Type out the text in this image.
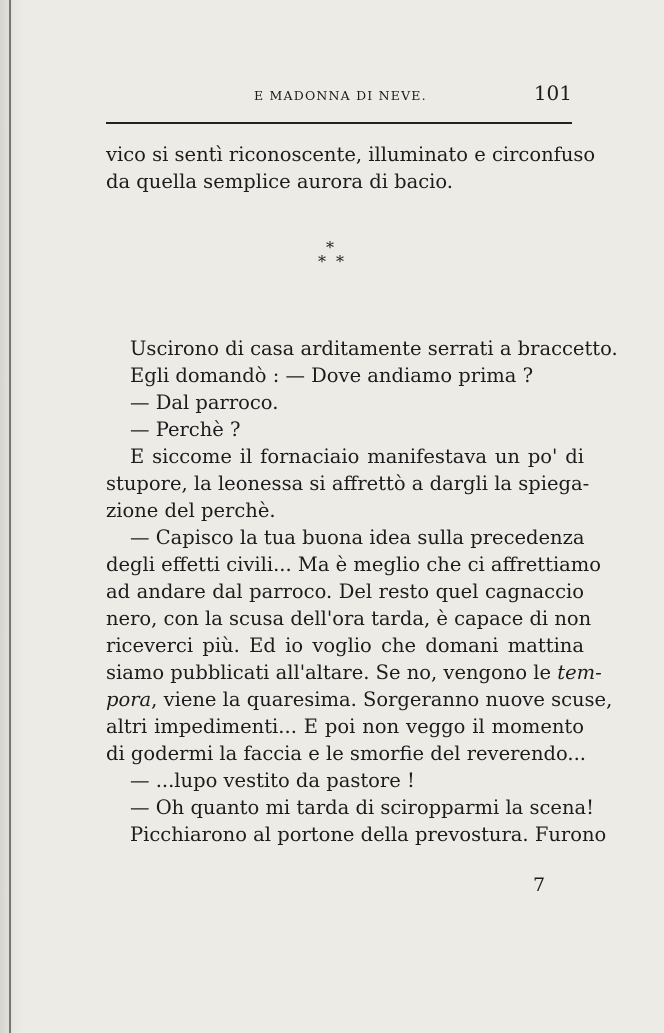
E MADONNA DI NEVE.	101
vico si sentì riconoscente, illuminato e circonfuso
da quella semplice aurora di bacio.
*
* *
Uscirono di casa arditamente serrati a braccetto.
Egli domandò : — Dove andiamo prima ?
— Dal parroco.
— Perchè ?
E siccome il fornaciaio manifestava un po' di
stupore, la leonessa si affrettò a dargli la spiega-
zione del perchè.
— Capisco la tua buona idea sulla precedenza
degli effetti civili... Ma è meglio che ci affrettiamo
ad andare dal parroco. Del resto quel cagnaccio
nero, con la scusa dell'ora tarda, è capace di non
riceverci più. Ed io voglio che domani mattina
siamo pubblicati all'altare. Se no, vengono le tem-
pora, viene la quaresima. Sorgeranno nuove scuse,
altri impedimenti... E poi non veggo il momento
di godermi la faccia e le smorfie del reverendo...
— ...lupo vestito da pastore !
— Oh quanto mi tarda di sciropparmi la scena!
Picchiarono al portone della prevostura. Furono
7
